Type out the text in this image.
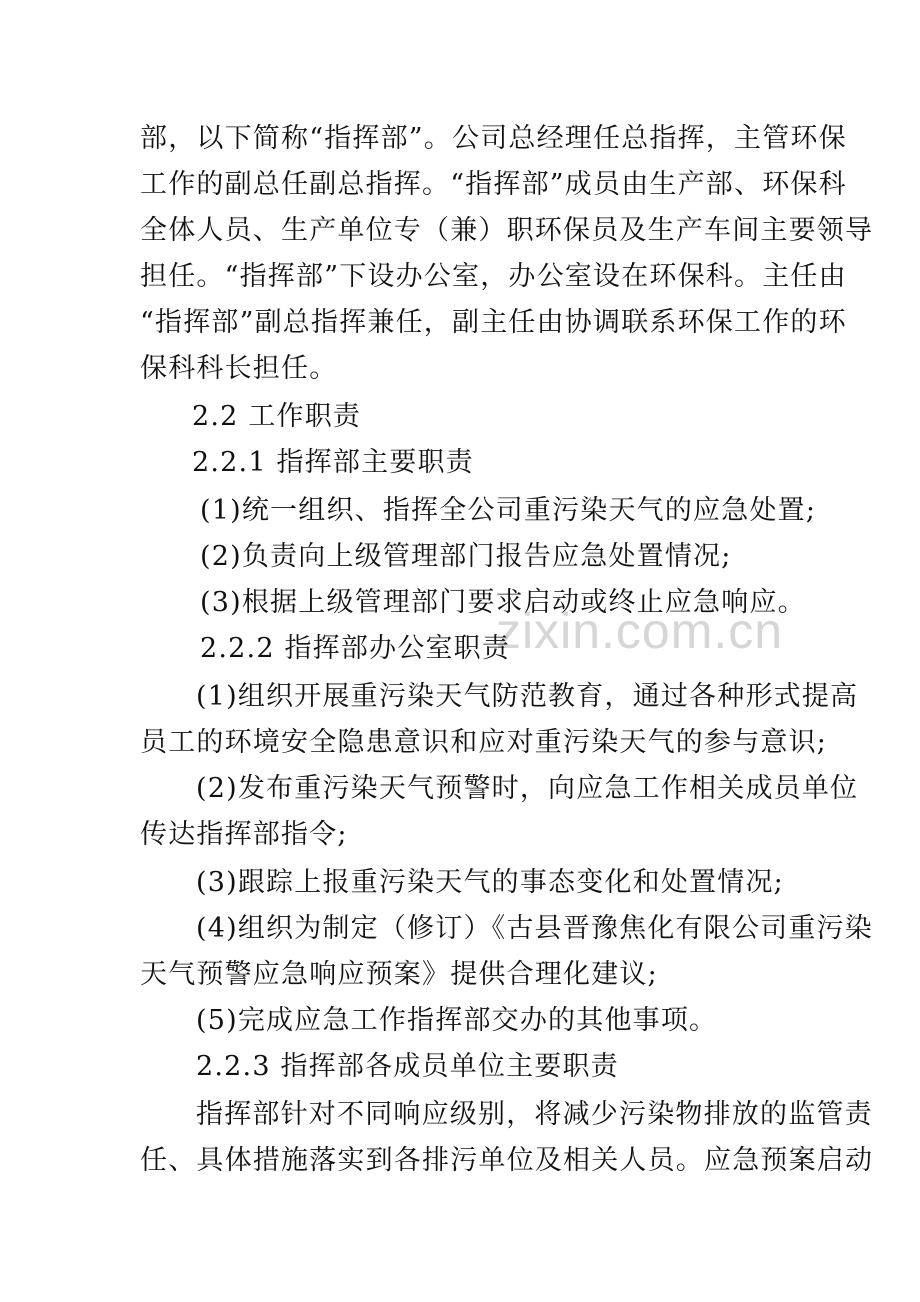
zixin.com.cn
部，以下简称“指挥部”。公司总经理任总指挥，主管环保
工作的副总任副总指挥。“指挥部”成员由生产部、环保科
全体人员、生产单位专（兼）职环保员及生产车间主要领导
担任。“指挥部”下设办公室，办公室设在环保科。主任由
“指挥部”副总指挥兼任，副主任由协调联系环保工作的环
保科科长担任。
2.2 工作职责
2.2.1 指挥部主要职责
(1)统一组织、指挥全公司重污染天气的应急处置;
(2)负责向上级管理部门报告应急处置情况;
(3)根据上级管理部门要求启动或终止应急响应。
2.2.2 指挥部办公室职责
(1)组织开展重污染天气防范教育，通过各种形式提高
员工的环境安全隐患意识和应对重污染天气的参与意识;
(2)发布重污染天气预警时，向应急工作相关成员单位
传达指挥部指令;
(3)跟踪上报重污染天气的事态变化和处置情况;
(4)组织为制定（修订）《古县晋豫焦化有限公司重污染
天气预警应急响应预案》提供合理化建议;
(5)完成应急工作指挥部交办的其他事项。
2.2.3 指挥部各成员单位主要职责
指挥部针对不同响应级别，将减少污染物排放的监管责
任、具体措施落实到各排污单位及相关人员。应急预案启动
